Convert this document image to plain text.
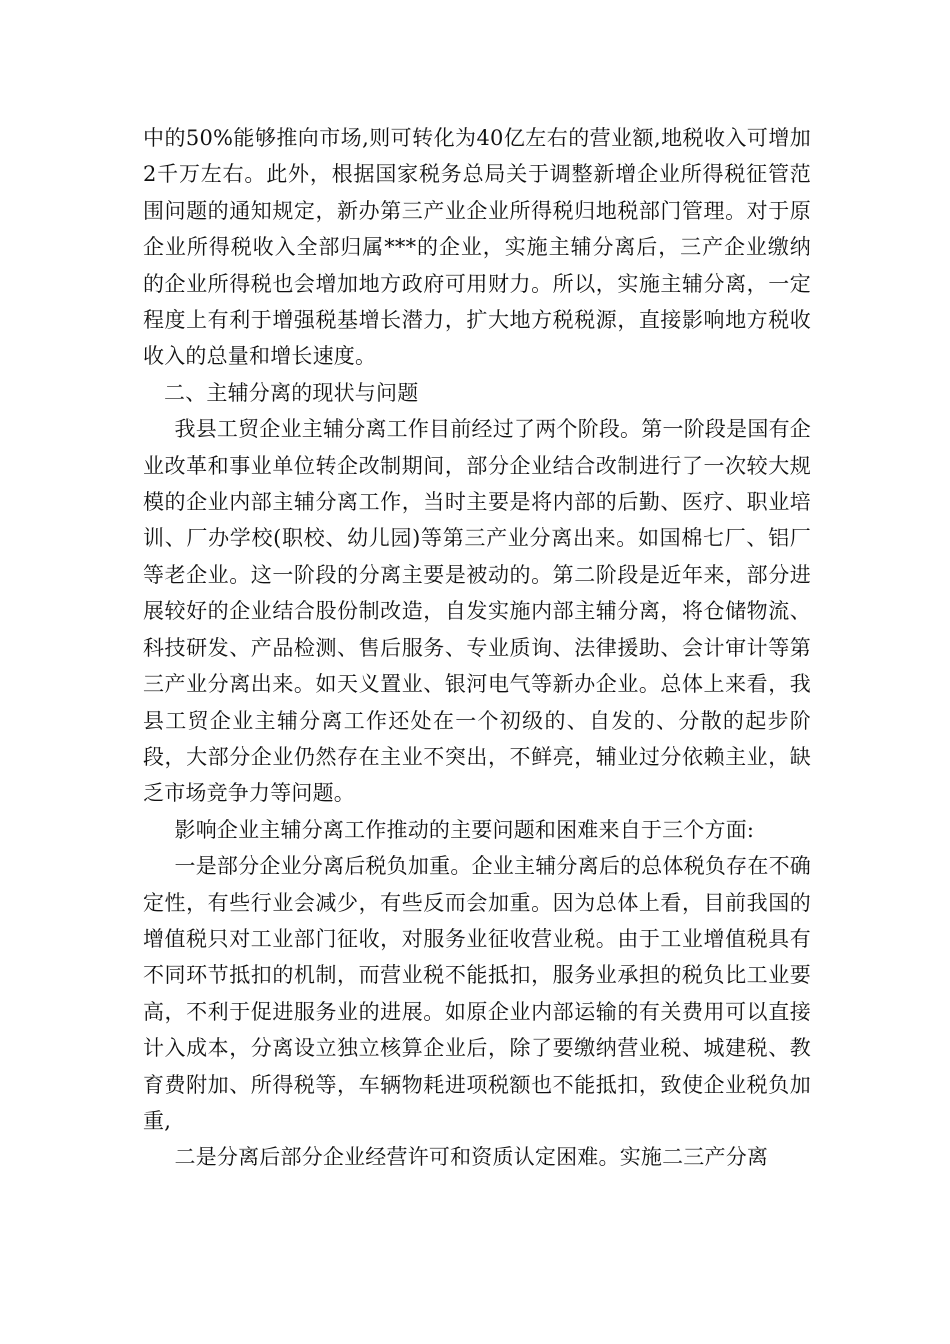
中的50%能够推向市场,则可转化为40亿左右的营业额,地税收入可增加2千万左右。此外，根据国家税务总局关于调整新增企业所得税征管范围问题的通知规定，新办第三产业企业所得税归地税部门管理。对于原企业所得税收入全部归属***的企业，实施主辅分离后，三产企业缴纳的企业所得税也会增加地方政府可用财力。所以，实施主辅分离，一定程度上有利于增强税基增长潜力，扩大地方税税源，直接影响地方税收收入的总量和增长速度。

二、主辅分离的现状与问题

我县工贸企业主辅分离工作目前经过了两个阶段。第一阶段是国有企业改革和事业单位转企改制期间，部分企业结合改制进行了一次较大规模的企业内部主辅分离工作，当时主要是将内部的后勤、医疗、职业培训、厂办学校(职校、幼儿园)等第三产业分离出来。如国棉七厂、铝厂等老企业。这一阶段的分离主要是被动的。第二阶段是近年来，部分进展较好的企业结合股份制改造，自发实施内部主辅分离，将仓储物流、科技研发、产品检测、售后服务、专业质询、法律援助、会计审计等第三产业分离出来。如天义置业、银河电气等新办企业。总体上来看，我县工贸企业主辅分离工作还处在一个初级的、自发的、分散的起步阶段，大部分企业仍然存在主业不突出，不鲜亮，辅业过分依赖主业，缺乏市场竞争力等问题。

影响企业主辅分离工作推动的主要问题和困难来自于三个方面:

一是部分企业分离后税负加重。企业主辅分离后的总体税负存在不确定性，有些行业会减少，有些反而会加重。因为总体上看，目前我国的增值税只对工业部门征收，对服务业征收营业税。由于工业增值税具有不同环节抵扣的机制，而营业税不能抵扣，服务业承担的税负比工业要高，不利于促进服务业的进展。如原企业内部运输的有关费用可以直接计入成本，分离设立独立核算企业后，除了要缴纳营业税、城建税、教育费附加、所得税等，车辆物耗进项税额也不能抵扣，致使企业税负加重,

二是分离后部分企业经营许可和资质认定困难。实施二三产分离
